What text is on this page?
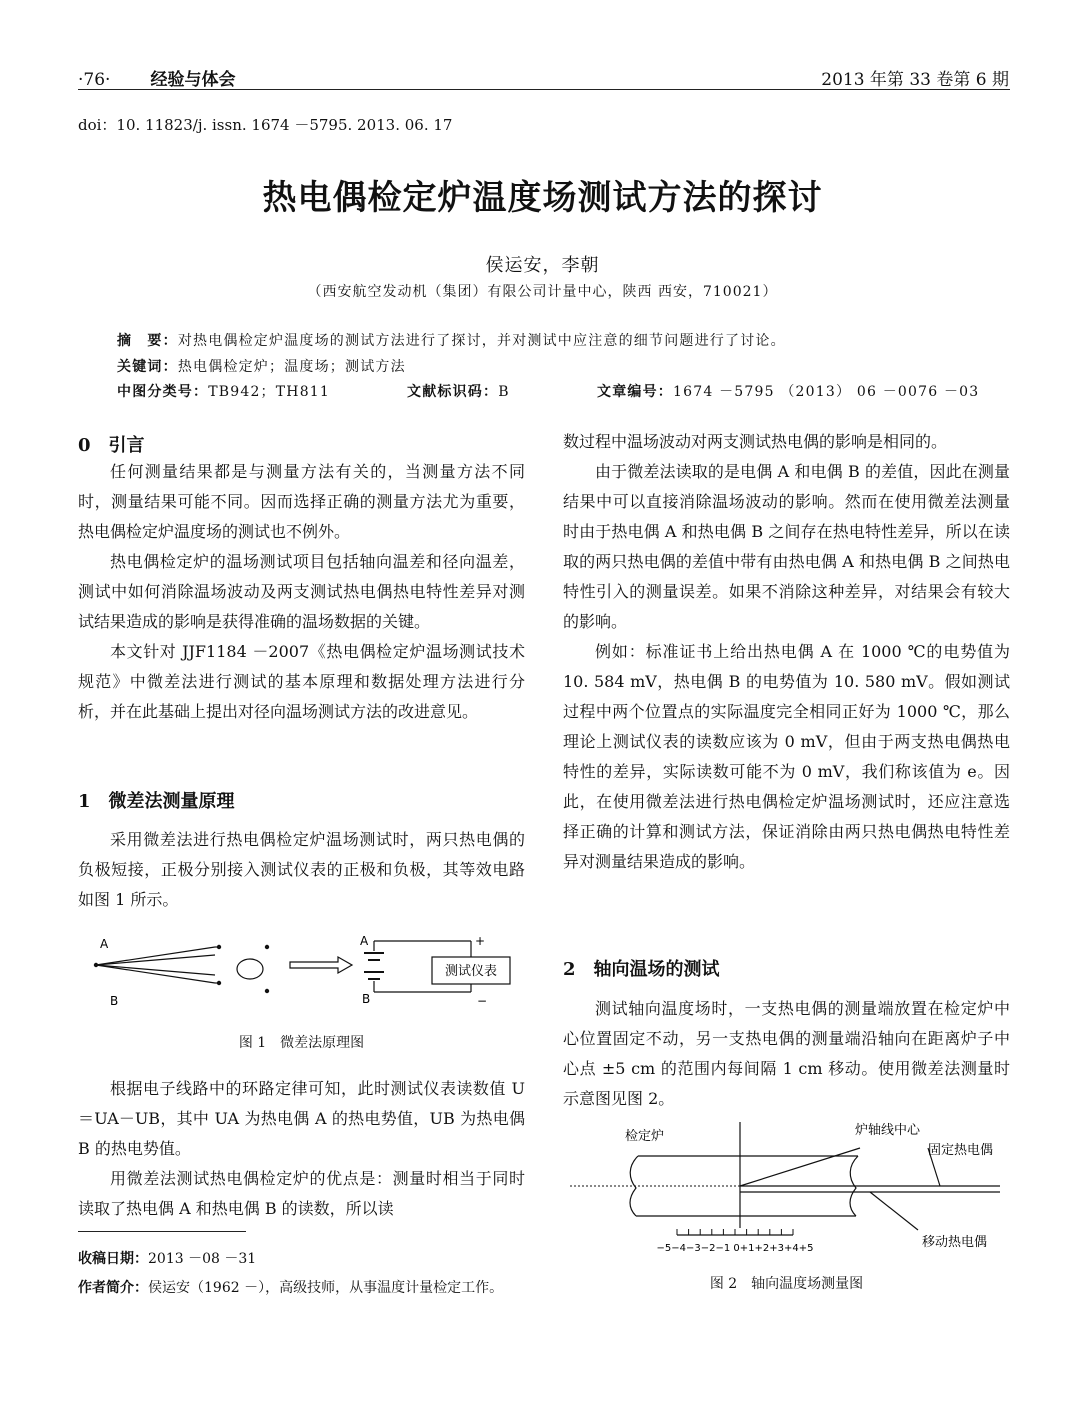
·76· 经验与体会	2013 年第 33 卷第 6 期
doi：10. 11823/j. issn. 1674 －5795. 2013. 06. 17
热电偶检定炉温度场测试方法的探讨
侯运安，李朝
（西安航空发动机（集团）有限公司计量中心，陕西 西安，710021）
摘　要：对热电偶检定炉温度场的测试方法进行了探讨，并对测试中应注意的细节问题进行了讨论。
关键词：热电偶检定炉；温度场；测试方法
中图分类号：TB942；TH811	文献标识码：B	文章编号：1674 －5795 （2013） 06 －0076 －03
0 引言

任何测量结果都是与测量方法有关的，当测量方法不同时，测量结果可能不同。因而选择正确的测量方法尤为重要，热电偶检定炉温度场的测试也不例外。

热电偶检定炉的温场测试项目包括轴向温差和径向温差，测试中如何消除温场波动及两支测试热电偶热电特性差异对测试结果造成的影响是获得准确的温场数据的关键。

本文针对 JJF1184 －2007《热电偶检定炉温场测试技术规范》中微差法进行测试的基本原理和数据处理方法进行分析，并在此基础上提出对径向温场测试方法的改进意见。

1 微差法测量原理

采用微差法进行热电偶检定炉温场测试时，两只热电偶的负极短接，正极分别接入测试仪表的正极和负极，其等效电路如图 1 所示。

A
B
A
B
+
−
测试仪表
图 1　微差法原理图

根据电子线路中的环路定律可知，此时测试仪表读数值 U＝UA－UB，其中 UA 为热电偶 A 的热电势值，UB 为热电偶 B 的热电势值。

用微差法测试热电偶检定炉的优点是：测量时相当于同时读取了热电偶 A 和热电偶 B 的读数，所以读

收稿日期：2013 －08 －31
作者简介：侯运安（1962 －），高级技师，从事温度计量检定工作。

数过程中温场波动对两支测试热电偶的影响是相同的。

由于微差法读取的是电偶 A 和电偶 B 的差值，因此在测量结果中可以直接消除温场波动的影响。然而在使用微差法测量时由于热电偶 A 和热电偶 B 之间存在热电特性差异，所以在读取的两只热电偶的差值中带有由热电偶 A 和热电偶 B 之间热电特性引入的测量误差。如果不消除这种差异，对结果会有较大的影响。

例如：标准证书上给出热电偶 A 在 1000 ℃的电势值为 10. 584 mV，热电偶 B 的电势值为 10. 580 mV。假如测试过程中两个位置点的实际温度完全相同正好为 1000 ℃，那么理论上测试仪表的读数应该为 0 mV，但由于两支热电偶热电特性的差异，实际读数可能不为 0 mV，我们称该值为 e。因此，在使用微差法进行热电偶检定炉温场测试时，还应注意选择正确的计算和测试方法，保证消除由两只热电偶热电特性差异对测量结果造成的影响。

2 轴向温场的测试

测试轴向温度场时，一支热电偶的测量端放置在检定炉中心位置固定不动，另一支热电偶的测量端沿轴向在距离炉子中心点 ±5 cm 的范围内每间隔 1 cm 移动。使用微差法测量时示意图见图 2。

检定炉	炉轴线中心
固定热电偶
移动热电偶
−5−4−3−2−1 0+1+2+3+4+5
图 2　轴向温度场测量图
